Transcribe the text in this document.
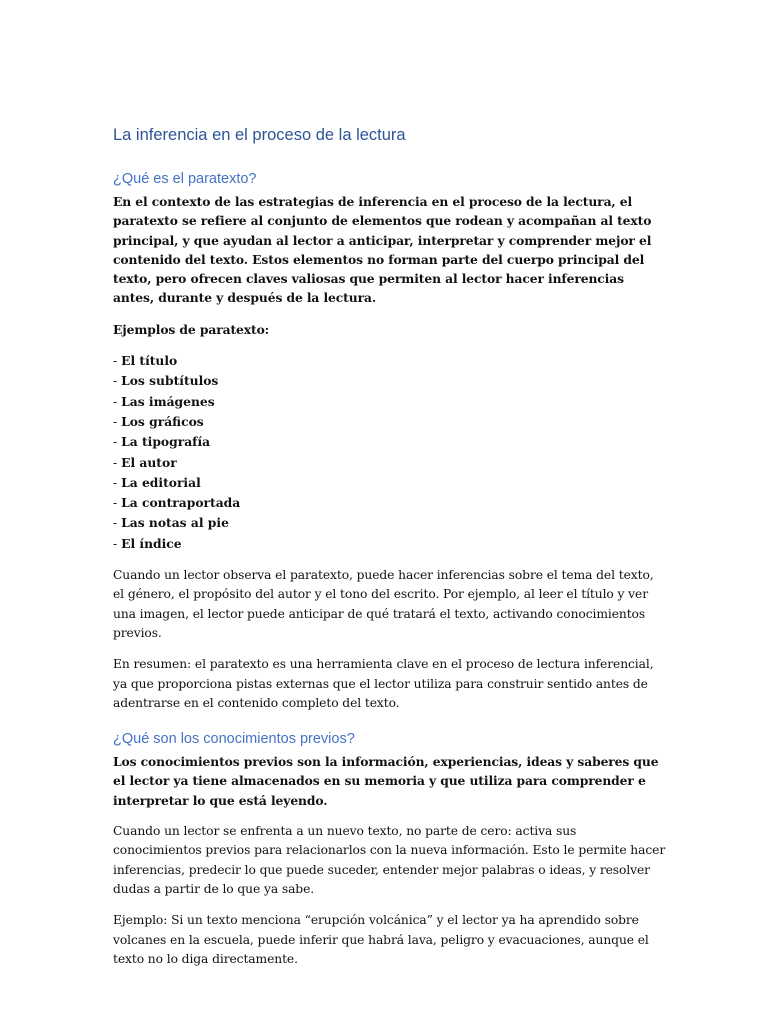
La inferencia en el proceso de la lectura
¿Qué es el paratexto?

En el contexto de las estrategias de inferencia en el proceso de la lectura, el paratexto se refiere al conjunto de elementos que rodean y acompañan al texto principal, y que ayudan al lector a anticipar, interpretar y comprender mejor el contenido del texto. Estos elementos no forman parte del cuerpo principal del texto, pero ofrecen claves valiosas que permiten al lector hacer inferencias antes, durante y después de la lectura.

Ejemplos de paratexto:

- El título
- Los subtítulos
- Las imágenes
- Los gráficos
- La tipografía
- El autor
- La editorial
- La contraportada
- Las notas al pie
- El índice

Cuando un lector observa el paratexto, puede hacer inferencias sobre el tema del texto, el género, el propósito del autor y el tono del escrito. Por ejemplo, al leer el título y ver una imagen, el lector puede anticipar de qué tratará el texto, activando conocimientos previos.

En resumen: el paratexto es una herramienta clave en el proceso de lectura inferencial, ya que proporciona pistas externas que el lector utiliza para construir sentido antes de adentrarse en el contenido completo del texto.

¿Qué son los conocimientos previos?

Los conocimientos previos son la información, experiencias, ideas y saberes que el lector ya tiene almacenados en su memoria y que utiliza para comprender e interpretar lo que está leyendo.

Cuando un lector se enfrenta a un nuevo texto, no parte de cero: activa sus conocimientos previos para relacionarlos con la nueva información. Esto le permite hacer inferencias, predecir lo que puede suceder, entender mejor palabras o ideas, y resolver dudas a partir de lo que ya sabe.

Ejemplo: Si un texto menciona “erupción volcánica” y el lector ya ha aprendido sobre volcanes en la escuela, puede inferir que habrá lava, peligro y evacuaciones, aunque el texto no lo diga directamente.
